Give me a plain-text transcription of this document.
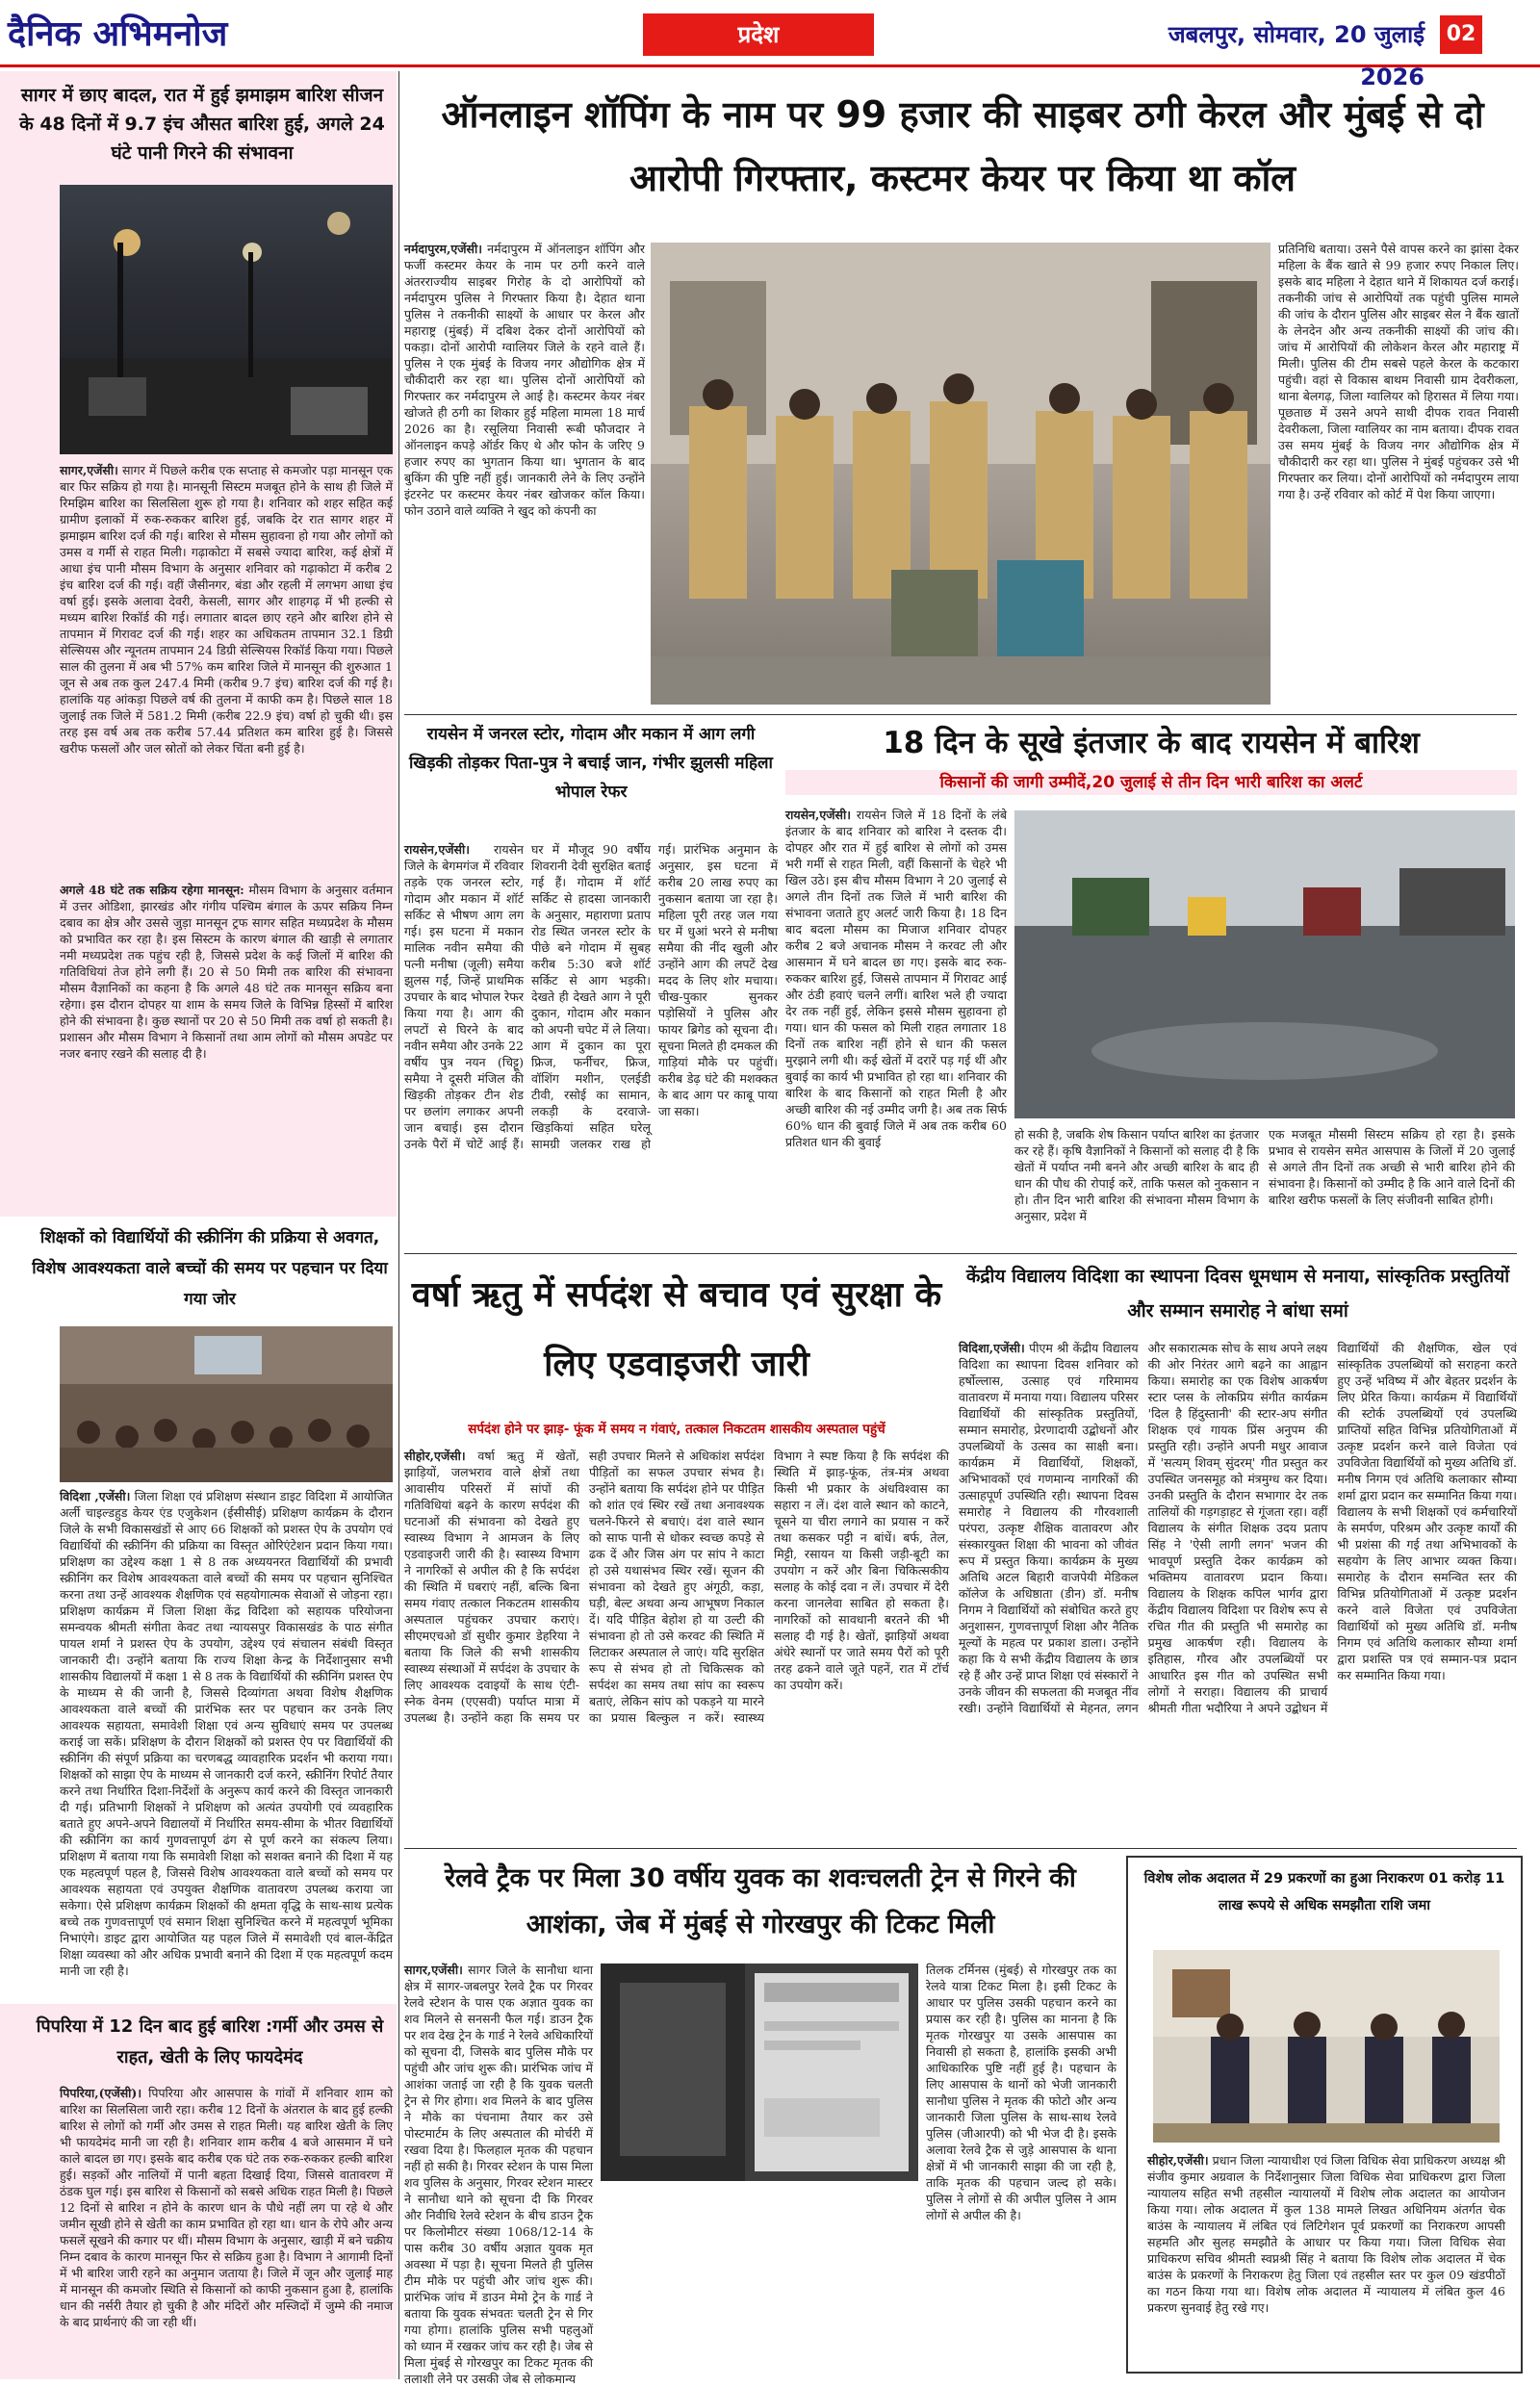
दैनिक अभिमनोज	प्रदेश	जबलपुर, सोमवार, 20 जुलाई 2026
02
सागर में छाए बादल, रात में हुई झमाझम बारिश सीजन के 48 दिनों में 9.7 इंच औसत बारिश हुई, अगले 24 घंटे पानी गिरने की संभावना
सागर,एजेंसी। सागर में पिछले करीब एक सप्ताह से कमजोर पड़ा मानसून एक बार फिर सक्रिय हो गया है। मानसूनी सिस्टम मजबूत होने के साथ ही जिले में रिमझिम बारिश का सिलसिला शुरू हो गया है। शनिवार को शहर सहित कई ग्रामीण इलाकों में रुक-रुककर बारिश हुई, जबकि देर रात सागर शहर में झमाझम बारिश दर्ज की गई। बारिश से मौसम सुहावना हो गया और लोगों को उमस व गर्मी से राहत मिली। गढ़ाकोटा में सबसे ज्यादा बारिश, कई क्षेत्रों में आधा इंच पानी मौसम विभाग के अनुसार शनिवार को गढ़ाकोटा में करीब 2 इंच बारिश दर्ज की गई। वहीं जैसीनगर, बंडा और रहली में लगभग आधा इंच वर्षा हुई। इसके अलावा देवरी, केसली, सागर और शाहगढ़ में भी हल्की से मध्यम बारिश रिकॉर्ड की गई। लगातार बादल छाए रहने और बारिश होने से तापमान में गिरावट दर्ज की गई। शहर का अधिकतम तापमान 32.1 डिग्री सेल्सियस और न्यूनतम तापमान 24 डिग्री सेल्सियस रिकॉर्ड किया गया। पिछले साल की तुलना में अब भी 57% कम बारिश जिले में मानसून की शुरुआत 1 जून से अब तक कुल 247.4 मिमी (करीब 9.7 इंच) बारिश दर्ज की गई है। हालांकि यह आंकड़ा पिछले वर्ष की तुलना में काफी कम है। पिछले साल 18 जुलाई तक जिले में 581.2 मिमी (करीब 22.9 इंच) वर्षा हो चुकी थी। इस तरह इस वर्ष अब तक करीब 57.44 प्रतिशत कम बारिश हुई है। जिससे खरीफ फसलों और जल स्रोतों को लेकर चिंता बनी हुई है।
अगले 48 घंटे तक सक्रिय रहेगा मानसून: मौसम विभाग के अनुसार वर्तमान में उत्तर ओडिशा, झारखंड और गंगीय पश्चिम बंगाल के ऊपर सक्रिय निम्न दबाव का क्षेत्र और उससे जुड़ा मानसून ट्रफ सागर सहित मध्यप्रदेश के मौसम को प्रभावित कर रहा है। इस सिस्टम के कारण बंगाल की खाड़ी से लगातार नमी मध्यप्रदेश तक पहुंच रही है, जिससे प्रदेश के कई जिलों में बारिश की गतिविधियां तेज होने लगी हैं। 20 से 50 मिमी तक बारिश की संभावना मौसम वैज्ञानिकों का कहना है कि अगले 48 घंटे तक मानसून सक्रिय बना रहेगा। इस दौरान दोपहर या शाम के समय जिले के विभिन्न हिस्सों में बारिश होने की संभावना है। कुछ स्थानों पर 20 से 50 मिमी तक वर्षा हो सकती है। प्रशासन और मौसम विभाग ने किसानों तथा आम लोगों को मौसम अपडेट पर नजर बनाए रखने की सलाह दी है।
शिक्षकों को विद्यार्थियों की स्क्रीनिंग की प्रक्रिया से अवगत, विशेष आवश्यकता वाले बच्चों की समय पर पहचान पर दिया गया जोर
विदिशा ,एजेंसी। जिला शिक्षा एवं प्रशिक्षण संस्थान डाइट विदिशा में आयोजित अर्ली चाइल्डहुड केयर एंड एजुकेशन (ईसीसीई) प्रशिक्षण कार्यक्रम के दौरान जिले के सभी विकासखंडों से आए 66 शिक्षकों को प्रशस्त ऐप के उपयोग एवं विद्यार्थियों की स्क्रीनिंग की प्रक्रिया का विस्तृत ओरिएंटेशन प्रदान किया गया। प्रशिक्षण का उद्देश्य कक्षा 1 से 8 तक अध्ययनरत विद्यार्थियों की प्रभावी स्क्रीनिंग कर विशेष आवश्यकता वाले बच्चों की समय पर पहचान सुनिश्चित करना तथा उन्हें आवश्यक शैक्षणिक एवं सहयोगात्मक सेवाओं से जोड़ना रहा। प्रशिक्षण कार्यक्रम में जिला शिक्षा केंद्र विदिशा को सहायक परियोजना समन्वयक श्रीमती संगीता केवट तथा न्यायसपुर विकासखंड के पाठ संगीत पायल शर्मा ने प्रशस्त ऐप के उपयोग, उद्देश्य एवं संचालन संबंधी विस्तृत जानकारी दी। उन्होंने बताया कि राज्य शिक्षा केन्द्र के निर्देशानुसार सभी शासकीय विद्यालयों में कक्षा 1 से 8 तक के विद्यार्थियों की स्क्रीनिंग प्रशस्त ऐप के माध्यम से की जानी है, जिससे दिव्यांगता अथवा विशेष शैक्षणिक आवश्यकता वाले बच्चों की प्रारंभिक स्तर पर पहचान कर उनके लिए आवश्यक सहायता, समावेशी शिक्षा एवं अन्य सुविधाएं समय पर उपलब्ध कराई जा सकें। प्रशिक्षण के दौरान शिक्षकों को प्रशस्त ऐप पर विद्यार्थियों की स्क्रीनिंग की संपूर्ण प्रक्रिया का चरणबद्ध व्यावहारिक प्रदर्शन भी कराया गया। शिक्षकों को साझा ऐप के माध्यम से जानकारी दर्ज करने, स्क्रीनिंग रिपोर्ट तैयार करने तथा निर्धारित दिशा-निर्देशों के अनुरूप कार्य करने की विस्तृत जानकारी दी गई। प्रतिभागी शिक्षकों ने प्रशिक्षण को अत्यंत उपयोगी एवं व्यवहारिक बताते हुए अपने-अपने विद्यालयों में निर्धारित समय-सीमा के भीतर विद्यार्थियों की स्क्रीनिंग का कार्य गुणवत्तापूर्ण ढंग से पूर्ण करने का संकल्प लिया। प्रशिक्षण में बताया गया कि समावेशी शिक्षा को सशक्त बनाने की दिशा में यह एक महत्वपूर्ण पहल है, जिससे विशेष आवश्यकता वाले बच्चों को समय पर आवश्यक सहायता एवं उपयुक्त शैक्षणिक वातावरण उपलब्ध कराया जा सकेगा। ऐसे प्रशिक्षण कार्यक्रम शिक्षकों की क्षमता वृद्धि के साथ-साथ प्रत्येक बच्चे तक गुणवत्तापूर्ण एवं समान शिक्षा सुनिश्चित करने में महत्वपूर्ण भूमिका निभाएंगे। डाइट द्वारा आयोजित यह पहल जिले में समावेशी एवं बाल-केंद्रित शिक्षा व्यवस्था को और अधिक प्रभावी बनाने की दिशा में एक महत्वपूर्ण कदम मानी जा रही है।
पिपरिया में 12 दिन बाद हुई बारिश :गर्मी और उमस से राहत, खेती के लिए फायदेमंद
पिपरिया,(एजेंसी)। पिपरिया और आसपास के गांवों में शनिवार शाम को बारिश का सिलसिला जारी रहा। करीब 12 दिनों के अंतराल के बाद हुई हल्की बारिश से लोगों को गर्मी और उमस से राहत मिली। यह बारिश खेती के लिए भी फायदेमंद मानी जा रही है। शनिवार शाम करीब 4 बजे आसमान में घने काले बादल छा गए। इसके बाद करीब एक घंटे तक रुक-रुककर हल्की बारिश हुई। सड़कों और नालियों में पानी बहता दिखाई दिया, जिससे वातावरण में ठंडक घुल गई। इस बारिश से किसानों को सबसे अधिक राहत मिली है। पिछले 12 दिनों से बारिश न होने के कारण धान के पौधे नहीं लग पा रहे थे और जमीन सूखी होने से खेती का काम प्रभावित हो रहा था। धान के रोपे और अन्य फसलें सूखने की कगार पर थीं। मौसम विभाग के अनुसार, खाड़ी में बने चक्रीय निम्न दबाव के कारण मानसून फिर से सक्रिय हुआ है। विभाग ने आगामी दिनों में भी बारिश जारी रहने का अनुमान जताया है। जिले में जून और जुलाई माह में मानसून की कमजोर स्थिति से किसानों को काफी नुकसान हुआ है, हालांकि धान की नर्सरी तैयार हो चुकी है और मंदिरों और मस्जिदों में जुम्मे की नमाज के बाद प्रार्थनाएं की जा रही थीं।
ऑनलाइन शॉपिंग के नाम पर 99 हजार की साइबर ठगी केरल और मुंबई से दो आरोपी गिरफ्तार, कस्टमर केयर पर किया था कॉल
नर्मदापुरम,एजेंसी। नर्मदापुरम में ऑनलाइन शॉपिंग और फर्जी कस्टमर केयर के नाम पर ठगी करने वाले अंतरराज्यीय साइबर गिरोह के दो आरोपियों को नर्मदापुरम पुलिस ने गिरफ्तार किया है। देहात थाना पुलिस ने तकनीकी साक्ष्यों के आधार पर केरल और महाराष्ट्र (मुंबई) में दबिश देकर दोनों आरोपियों को पकड़ा। दोनों आरोपी ग्वालियर जिले के रहने वाले हैं। पुलिस ने एक मुंबई के विजय नगर औद्योगिक क्षेत्र में चौकीदारी कर रहा था। पुलिस दोनों आरोपियों को गिरफ्तार कर नर्मदापुरम ले आई है। कस्टमर केयर नंबर खोजते ही ठगी का शिकार हुई महिला मामला 18 मार्च 2026 का है। रसूलिया निवासी रूबी फौजदार ने ऑनलाइन कपड़े ऑर्डर किए थे और फोन के जरिए 9 हजार रुपए का भुगतान किया था। भुगतान के बाद बुकिंग की पुष्टि नहीं हुई। जानकारी लेने के लिए उन्होंने इंटरनेट पर कस्टमर केयर नंबर खोजकर कॉल किया। फोन उठाने वाले व्यक्ति ने खुद को कंपनी का
प्रतिनिधि बताया। उसने पैसे वापस करने का झांसा देकर महिला के बैंक खाते से 99 हजार रुपए निकाल लिए। इसके बाद महिला ने देहात थाने में शिकायत दर्ज कराई। तकनीकी जांच से आरोपियों तक पहुंची पुलिस मामले की जांच के दौरान पुलिस और साइबर सेल ने बैंक खातों के लेनदेन और अन्य तकनीकी साक्ष्यों की जांच की। जांच में आरोपियों की लोकेशन केरल और महाराष्ट्र में मिली। पुलिस की टीम सबसे पहले केरल के कटकारा पहुंची। वहां से विकास बाथम निवासी ग्राम देवरीकला, थाना बेलगढ़, जिला ग्वालियर को हिरासत में लिया गया। पूछताछ में उसने अपने साथी दीपक रावत निवासी देवरीकला, जिला ग्वालियर का नाम बताया। दीपक रावत उस समय मुंबई के विजय नगर औद्योगिक क्षेत्र में चौकीदारी कर रहा था। पुलिस ने मुंबई पहुंचकर उसे भी गिरफ्तार कर लिया। दोनों आरोपियों को नर्मदापुरम लाया गया है। उन्हें रविवार को कोर्ट में पेश किया जाएगा।
रायसेन में जनरल स्टोर, गोदाम और मकान में आग लगी खिड़की तोड़कर पिता-पुत्र ने बचाई जान, गंभीर झुलसी महिला भोपाल रेफर
रायसेन,एजेंसी। रायसेन जिले के बेगमगंज में रविवार तड़के एक जनरल स्टोर, गोदाम और मकान में शॉर्ट सर्किट से भीषण आग लग गई। इस घटना में मकान मालिक नवीन समैया की पत्नी मनीषा (जूली) समैया झुलस गईं, जिन्हें प्राथमिक उपचार के बाद भोपाल रेफर किया गया है। आग की लपटों से घिरने के बाद नवीन समैया और उनके 22 वर्षीय पुत्र नयन (चिट्टू) समैया ने दूसरी मंजिल की खिड़की तोड़कर टीन शेड पर छलांग लगाकर अपनी जान बचाई। इस दौरान उनके पैरों में चोटें आई हैं। घर में मौजूद 90 वर्षीय शिवरानी देवी सुरक्षित बताई गई हैं। गोदाम में शॉर्ट सर्किट से हादसा जानकारी के अनुसार, महाराणा प्रताप रोड स्थित जनरल स्टोर के पीछे बने गोदाम में सुबह करीब 5:30 बजे शॉर्ट सर्किट से आग भड़की। देखते ही देखते आग ने पूरी दुकान, गोदाम और मकान को अपनी चपेट में ले लिया। आग में दुकान का पूरा फ्रिज, फर्नीचर, फ्रिज, वॉशिंग मशीन, एलईडी टीवी, रसोई का सामान, लकड़ी के दरवाजे-खिड़कियां सहित घरेलू सामग्री जलकर राख हो गई। प्रारंभिक अनुमान के अनुसार, इस घटना में करीब 20 लाख रुपए का नुकसान बताया जा रहा है। महिला पूरी तरह जल गया घर में धुआं भरने से मनीषा समैया की नींद खुली और उन्होंने आग की लपटें देख मदद के लिए शोर मचाया। चीख-पुकार सुनकर पड़ोसियों ने पुलिस और फायर ब्रिगेड को सूचना दी। सूचना मिलते ही दमकल की गाड़ियां मौके पर पहुंचीं। करीब डेढ़ घंटे की मशक्कत के बाद आग पर काबू पाया जा सका।
18 दिन के सूखे इंतजार के बाद रायसेन में बारिश
किसानों की जागी उम्मीदें,20 जुलाई से तीन दिन भारी बारिश का अलर्ट
रायसेन,एजेंसी। रायसेन जिले में 18 दिनों के लंबे इंतजार के बाद शनिवार को बारिश ने दस्तक दी। दोपहर और रात में हुई बारिश से लोगों को उमस भरी गर्मी से राहत मिली, वहीं किसानों के चेहरे भी खिल उठे। इस बीच मौसम विभाग ने 20 जुलाई से अगले तीन दिनों तक जिले में भारी बारिश की संभावना जताते हुए अलर्ट जारी किया है। 18 दिन बाद बदला मौसम का मिजाज शनिवार दोपहर करीब 2 बजे अचानक मौसम ने करवट ली और आसमान में घने बादल छा गए। इसके बाद रुक-रुककर बारिश हुई, जिससे तापमान में गिरावट आई और ठंडी हवाएं चलने लगीं। बारिश भले ही ज्यादा देर तक नहीं हुई, लेकिन इससे मौसम सुहावना हो गया। धान की फसल को मिली राहत लगातार 18 दिनों तक बारिश नहीं होने से धान की फसल मुरझाने लगी थी। कई खेतों में दरारें पड़ गई थीं और बुवाई का कार्य भी प्रभावित हो रहा था। शनिवार की बारिश के बाद किसानों को राहत मिली है और अच्छी बारिश की नई उम्मीद जगी है। अब तक सिर्फ 60% धान की बुवाई जिले में अब तक करीब 60 प्रतिशत धान की बुवाई
हो सकी है, जबकि शेष किसान पर्याप्त बारिश का इंतजार कर रहे हैं। कृषि वैज्ञानिकों ने किसानों को सलाह दी है कि खेतों में पर्याप्त नमी बनने और अच्छी बारिश के बाद ही धान की पौध की रोपाई करें, ताकि फसल को नुकसान न हो। तीन दिन भारी बारिश की संभावना मौसम विभाग के अनुसार, प्रदेश में
एक मजबूत मौसमी सिस्टम सक्रिय हो रहा है। इसके प्रभाव से रायसेन समेत आसपास के जिलों में 20 जुलाई से अगले तीन दिनों तक अच्छी से भारी बारिश होने की संभावना है। किसानों को उम्मीद है कि आने वाले दिनों की बारिश खरीफ फसलों के लिए संजीवनी साबित होगी।
वर्षा ऋतु में सर्पदंश से बचाव एवं सुरक्षा के लिए एडवाइजरी जारी
सर्पदंश होने पर झाड़- फूंक में समय न गंवाएं, तत्काल निकटतम शासकीय अस्पताल पहुंचें
सीहोर,एजेंसी। वर्षा ऋतु में खेतों, झाड़ियों, जलभराव वाले क्षेत्रों तथा आवासीय परिसरों में सांपों की गतिविधियां बढ़ने के कारण सर्पदंश की घटनाओं की संभावना को देखते हुए स्वास्थ्य विभाग ने आमजन के लिए एडवाइजरी जारी की है। स्वास्थ्य विभाग ने नागरिकों से अपील की है कि सर्पदंश की स्थिति में घबराएं नहीं, बल्कि बिना समय गंवाए तत्काल निकटतम शासकीय अस्पताल पहुंचकर उपचार कराएं। सीएमएचओ डॉ सुधीर कुमार डेहरिया ने बताया कि जिले की सभी शासकीय स्वास्थ्य संस्थाओं में सर्पदंश के उपचार के लिए आवश्यक दवाइयों के साथ एंटी-स्नेक वेनम (एएसवी) पर्याप्त मात्रा में उपलब्ध है। उन्होंने कहा कि समय पर सही उपचार मिलने से अधिकांश सर्पदंश पीड़ितों का सफल उपचार संभव है। उन्होंने बताया कि सर्पदंश होने पर पीड़ित को शांत एवं स्थिर रखें तथा अनावश्यक चलने-फिरने से बचाएं। दंश वाले स्थान को साफ पानी से धोकर स्वच्छ कपड़े से ढक दें और जिस अंग पर सांप ने काटा हो उसे यथासंभव स्थिर रखें। सूजन की संभावना को देखते हुए अंगूठी, कड़ा, घड़ी, बेल्ट अथवा अन्य आभूषण निकाल दें। यदि पीड़ित बेहोश हो या उल्टी की संभावना हो तो उसे करवट की स्थिति में लिटाकर अस्पताल ले जाएं। यदि सुरक्षित रूप से संभव हो तो चिकित्सक को सर्पदंश का समय तथा सांप का स्वरूप बताएं, लेकिन सांप को पकड़ने या मारने का प्रयास बिल्कुल न करें। स्वास्थ्य विभाग ने स्पष्ट किया है कि सर्पदंश की स्थिति में झाड़-फूंक, तंत्र-मंत्र अथवा किसी भी प्रकार के अंधविश्वास का सहारा न लें। दंश वाले स्थान को काटने, चूसने या चीरा लगाने का प्रयास न करें तथा कसकर पट्टी न बांधें। बर्फ, तेल, मिट्टी, रसायन या किसी जड़ी-बूटी का उपयोग न करें और बिना चिकित्सकीय सलाह के कोई दवा न लें। उपचार में देरी करना जानलेवा साबित हो सकता है। नागरिकों को सावधानी बरतने की भी सलाह दी गई है। खेतों, झाड़ियों अथवा अंधेरे स्थानों पर जाते समय पैरों को पूरी तरह ढकने वाले जूते पहनें, रात में टॉर्च का उपयोग करें।
केंद्रीय विद्यालय विदिशा का स्थापना दिवस धूमधाम से मनाया, सांस्कृतिक प्रस्तुतियों और सम्मान समारोह ने बांधा समां
विदिशा,एजेंसी। पीएम श्री केंद्रीय विद्यालय विदिशा का स्थापना दिवस शनिवार को हर्षोल्लास, उत्साह एवं गरिमामय वातावरण में मनाया गया। विद्यालय परिसर विद्यार्थियों की सांस्कृतिक प्रस्तुतियों, सम्मान समारोह, प्रेरणादायी उद्बोधनों और उपलब्धियों के उत्सव का साक्षी बना। कार्यक्रम में विद्यार्थियों, शिक्षकों, अभिभावकों एवं गणमान्य नागरिकों की उत्साहपूर्ण उपस्थिति रही। स्थापना दिवस समारोह ने विद्यालय की गौरवशाली परंपरा, उत्कृष्ट शैक्षिक वातावरण और संस्कारयुक्त शिक्षा की भावना को जीवंत रूप में प्रस्तुत किया। कार्यक्रम के मुख्य अतिथि अटल बिहारी वाजपेयी मेडिकल कॉलेज के अधिष्ठाता (डीन) डॉ. मनीष निगम ने विद्यार्थियों को संबोधित करते हुए अनुशासन, गुणवत्तापूर्ण शिक्षा और नैतिक मूल्यों के महत्व पर प्रकाश डाला। उन्होंने कहा कि ये सभी केंद्रीय विद्यालय के छात्र रहे हैं और उन्हें प्राप्त शिक्षा एवं संस्कारों ने उनके जीवन की सफलता की मजबूत नींव रखी। उन्होंने विद्यार्थियों से मेहनत, लगन और सकारात्मक सोच के साथ अपने लक्ष्य की ओर निरंतर आगे बढ़ने का आह्वान किया। समारोह का एक विशेष आकर्षण स्टार प्लस के लोकप्रिय संगीत कार्यक्रम 'दिल है हिंदुस्तानी' की स्टार-अप संगीत शिक्षक एवं गायक प्रिंस अनुपम की प्रस्तुति रही। उन्होंने अपनी मधुर आवाज में 'सत्यम् शिवम् सुंदरम्' गीत प्रस्तुत कर उपस्थित जनसमूह को मंत्रमुग्ध कर दिया। उनकी प्रस्तुति के दौरान सभागार देर तक तालियों की गड़गड़ाहट से गूंजता रहा। वहीं विद्यालय के संगीत शिक्षक उदय प्रताप सिंह ने 'ऐसी लागी लगन' भजन की भावपूर्ण प्रस्तुति देकर कार्यक्रम को भक्तिमय वातावरण प्रदान किया। विद्यालय के शिक्षक कपिल भार्गव द्वारा केंद्रीय विद्यालय विदिशा पर विशेष रूप से रचित गीत की प्रस्तुति भी समारोह का प्रमुख आकर्षण रही। विद्यालय के इतिहास, गौरव और उपलब्धियों पर आधारित इस गीत को उपस्थित सभी लोगों ने सराहा। विद्यालय की प्राचार्य श्रीमती गीता भदौरिया ने अपने उद्बोधन में विद्यार्थियों की शैक्षणिक, खेल एवं सांस्कृतिक उपलब्धियों को सराहना करते हुए उन्हें भविष्य में और बेहतर प्रदर्शन के लिए प्रेरित किया। कार्यक्रम में विद्यार्थियों की स्टोर्क उपलब्धियों एवं उपलब्धि प्राप्तियों सहित विभिन्न प्रतियोगिताओं में उत्कृष्ट प्रदर्शन करने वाले विजेता एवं उपविजेता विद्यार्थियों को मुख्य अतिथि डॉ. मनीष निगम एवं अतिथि कलाकार सौम्या शर्मा द्वारा प्रदान कर सम्मानित किया गया। विद्यालय के सभी शिक्षकों एवं कर्मचारियों के समर्पण, परिश्रम और उत्कृष्ट कार्यों की भी प्रशंसा की गई तथा अभिभावकों के सहयोग के लिए आभार व्यक्त किया। समारोह के दौरान समन्वित स्तर की विभिन्न प्रतियोगिताओं में उत्कृष्ट प्रदर्शन करने वाले विजेता एवं उपविजेता विद्यार्थियों को मुख्य अतिथि डॉ. मनीष निगम एवं अतिथि कलाकार सौम्या शर्मा द्वारा प्रशस्ति पत्र एवं सम्मान-पत्र प्रदान कर सम्मानित किया गया।
रेलवे ट्रैक पर मिला 30 वर्षीय युवक का शवःचलती ट्रेन से गिरने की आशंका, जेब में मुंबई से गोरखपुर की टिकट मिली
सागर,एजेंसी। सागर जिले के सानौधा थाना क्षेत्र में सागर-जबलपुर रेलवे ट्रैक पर गिरवर रेलवे स्टेशन के पास एक अज्ञात युवक का शव मिलने से सनसनी फैल गई। डाउन ट्रैक पर शव देख ट्रेन के गार्ड ने रेलवे अधिकारियों को सूचना दी, जिसके बाद पुलिस मौके पर पहुंची और जांच शुरू की। प्रारंभिक जांच में आशंका जताई जा रही है कि युवक चलती ट्रेन से गिर होगा। शव मिलने के बाद पुलिस ने मौके का पंचनामा तैयार कर उसे पोस्टमार्टम के लिए अस्पताल की मोर्चरी में रखवा दिया है। फिलहाल मृतक की पहचान नहीं हो सकी है। गिरवर स्टेशन के पास मिला शव पुलिस के अनुसार, गिरवर स्टेशन मास्टर ने सानौधा थाने को सूचना दी कि गिरवर और निवीधि रेलवे स्टेशन के बीच डाउन ट्रैक पर किलोमीटर संख्या 1068/12-14 के पास करीब 30 वर्षीय अज्ञात युवक मृत अवस्था में पड़ा है। सूचना मिलते ही पुलिस टीम मौके पर पहुंची और जांच शुरू की। प्रारंभिक जांच में डाउन मेमो ट्रेन के गार्ड ने बताया कि युवक संभवतः चलती ट्रेन से गिर गया होगा। हालांकि पुलिस सभी पहलुओं को ध्यान में रखकर जांच कर रही है। जेब से मिला मुंबई से गोरखपुर का टिकट मृतक की तलाशी लेने पर उसकी जेब से लोकमान्य
तिलक टर्मिनस (मुंबई) से गोरखपुर तक का रेलवे यात्रा टिकट मिला है। इसी टिकट के आधार पर पुलिस उसकी पहचान करने का प्रयास कर रही है। पुलिस का मानना है कि मृतक गोरखपुर या उसके आसपास का निवासी हो सकता है, हालांकि इसकी अभी आधिकारिक पुष्टि नहीं हुई है। पहचान के लिए आसपास के थानों को भेजी जानकारी सानौधा पुलिस ने मृतक की फोटो और अन्य जानकारी जिला पुलिस के साथ-साथ रेलवे पुलिस (जीआरपी) को भी भेज दी है। इसके अलावा रेलवे ट्रैक से जुड़े आसपास के थाना क्षेत्रों में भी जानकारी साझा की जा रही है, ताकि मृतक की पहचान जल्द हो सके। पुलिस ने लोगों से की अपील पुलिस ने आम लोगों से अपील की है।
विशेष लोक अदालत में 29 प्रकरणों का हुआ निराकरण 01 करोड़ 11 लाख रूपये से अधिक समझौता राशि जमा
सीहोर,एजेंसी। प्रधान जिला न्यायाधीश एवं जिला विधिक सेवा प्राधिकरण अध्यक्ष श्री संजीव कुमार अग्रवाल के निर्देशानुसार जिला विधिक सेवा प्राधिकरण द्वारा जिला न्यायालय सहित सभी तहसील न्यायालयों में विशेष लोक अदालत का आयोजन किया गया। लोक अदालत में कुल 138 मामले लिखत अधिनियम अंतर्गत चेक बाउंस के न्यायालय में लंबित एवं लिटिगेशन पूर्व प्रकरणों का निराकरण आपसी सहमति और सुलह समझौते के आधार पर किया गया। जिला विधिक सेवा प्राधिकरण सचिव श्रीमती स्वप्नश्री सिंह ने बताया कि विशेष लोक अदालत में चेक बाउंस के प्रकरणों के निराकरण हेतु जिला एवं तहसील स्तर पर कुल 09 खंडपीठों का गठन किया गया था। विशेष लोक अदालत में न्यायालय में लंबित कुल 46 प्रकरण सुनवाई हेतु रखे गए।
